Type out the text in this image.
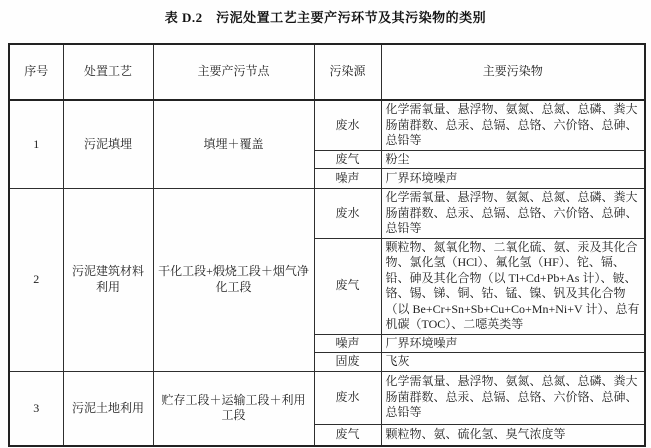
表 D.2　污泥处置工艺主要产污环节及其污染物的类别
序号	处置工艺	主要产污节点	污染源	主要污染物
1	污泥填埋	填埋＋覆盖	废水	化学需氧量、悬浮物、氨氮、总氮、总磷、粪大肠菌群数、总汞、总镉、总铬、六价铬、总砷、总铅等
			废气	粉尘
			噪声	厂界环境噪声
2	污泥建筑材料利用	干化工段+煅烧工段＋烟气净化工段	废水	化学需氧量、悬浮物、氨氮、总氮、总磷、粪大肠菌群数、总汞、总镉、总铬、六价铬、总砷、总铅等
			废气	颗粒物、氮氧化物、二氧化硫、氨、汞及其化合物、氯化氢（HCl）、氟化氢（HF）、铊、镉、铅、砷及其化合物（以 Tl+Cd+Pb+As 计）、铍、铬、锡、锑、铜、钴、锰、镍、钒及其化合物（以 Be+Cr+Sn+Sb+Cu+Co+Mn+Ni+V 计）、总有机碳（TOC）、二噁英类等
			噪声	厂界环境噪声
			固废	飞灰
3	污泥土地利用	贮存工段＋运输工段＋利用工段	废水	化学需氧量、悬浮物、氨氮、总氮、总磷、粪大肠菌群数、总汞、总镉、总铬、六价铬、总砷、总铅等
			废气	颗粒物、氨、硫化氢、臭气浓度等
